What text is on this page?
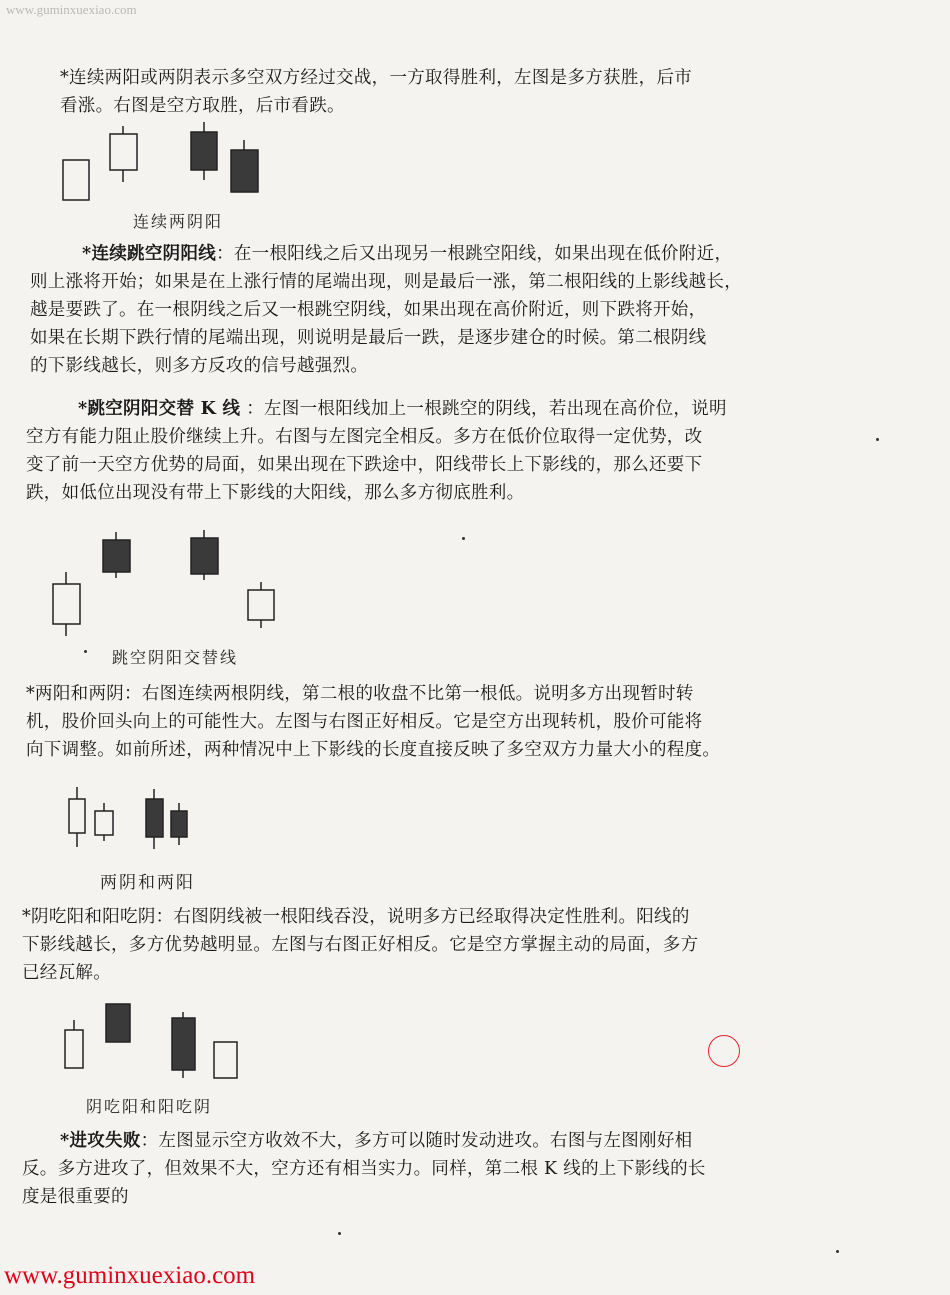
www.guminxuexiao.com

*连续两阳或两阴表示多空双方经过交战，一方取得胜利，左图是多方获胜，后市
看涨。右图是空方取胜，后市看跌。

连续两阴阳

*连续跳空阴阳线：在一根阳线之后又出现另一根跳空阳线，如果出现在低价附近，
则上涨将开始；如果是在上涨行情的尾端出现，则是最后一涨，第二根阳线的上影线越长，
越是要跌了。在一根阴线之后又一根跳空阴线，如果出现在高价附近，则下跌将开始，
如果在长期下跌行情的尾端出现，则说明是最后一跌，是逐步建仓的时候。第二根阴线
的下影线越长，则多方反攻的信号越强烈。

*跳空阴阳交替 K 线 ：左图一根阳线加上一根跳空的阴线，若出现在高价位，说明
空方有能力阻止股价继续上升。右图与左图完全相反。多方在低价位取得一定优势，改
变了前一天空方优势的局面，如果出现在下跌途中，阳线带长上下影线的，那么还要下
跌，如低位出现没有带上下影线的大阳线，那么多方彻底胜利。

跳空阴阳交替线

*两阳和两阴：右图连续两根阴线，第二根的收盘不比第一根低。说明多方出现暂时转
机，股价回头向上的可能性大。左图与右图正好相反。它是空方出现转机，股价可能将
向下调整。如前所述，两种情况中上下影线的长度直接反映了多空双方力量大小的程度。

两阴和两阳

*阴吃阳和阳吃阴：右图阴线被一根阳线吞没，说明多方已经取得决定性胜利。阳线的
下影线越长，多方优势越明显。左图与右图正好相反。它是空方掌握主动的局面，多方
已经瓦解。

阴吃阳和阳吃阴

*进攻失败：左图显示空方收效不大，多方可以随时发动进攻。右图与左图刚好相
反。多方进攻了，但效果不大，空方还有相当实力。同样，第二根 K 线的上下影线的长
度是很重要的

www.guminxuexiao.com
